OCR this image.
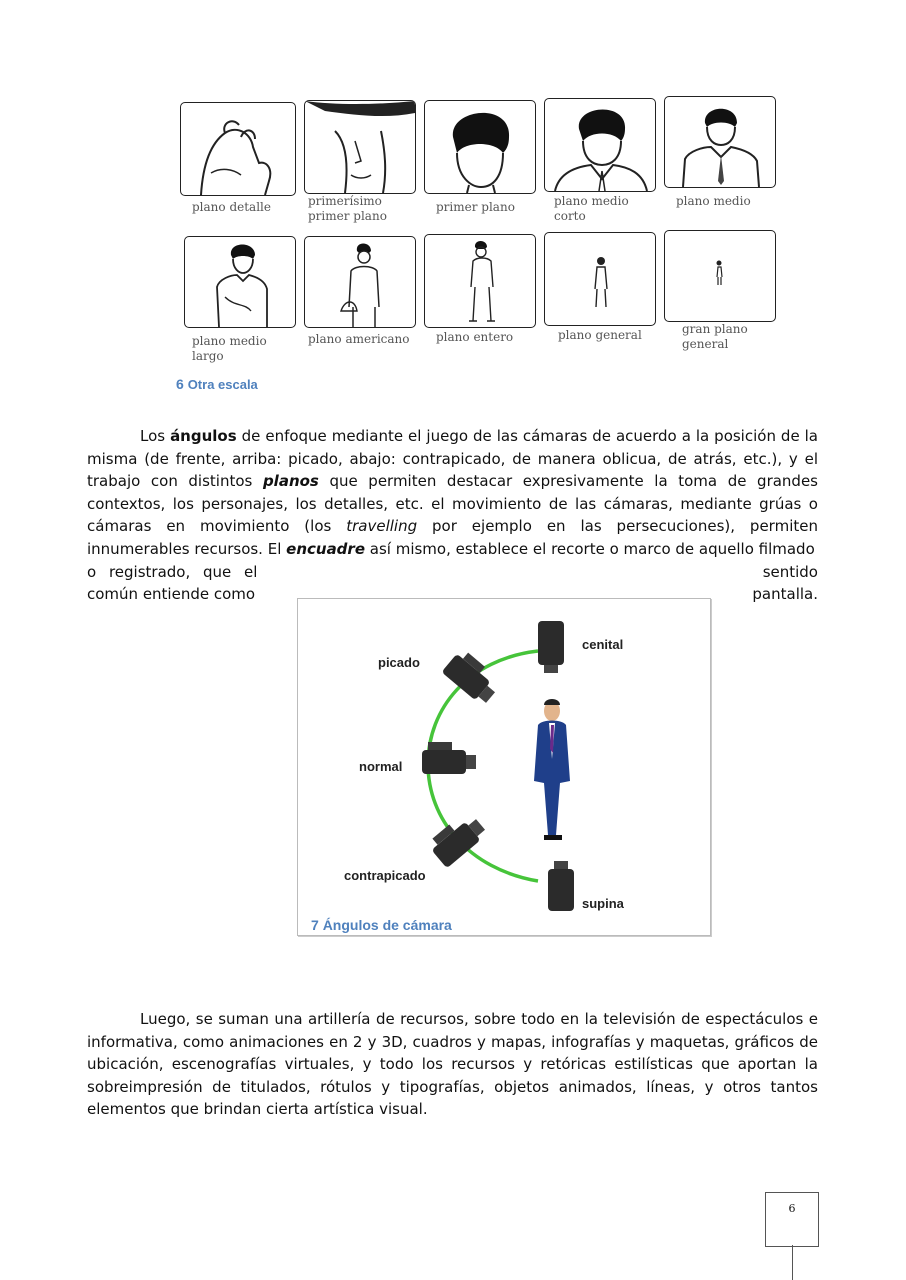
plano detalle	primerísimo
primer plano
primer plano	plano medio
corto
plano medio
plano medio
largo
plano americano plano entero	plano general	gran plano
general
6 Otra escala

Los ángulos de enfoque mediante el juego de las cámaras de acuerdo a la posición de la misma (de frente, arriba: picado, abajo: contrapicado, de manera oblicua, de atrás, etc.), y el trabajo con distintos planos que permiten destacar expresivamente la toma de grandes contextos, los personajes, los detalles, etc. el movimiento de las cámaras, mediante grúas o cámaras en movimiento (los travelling por ejemplo en las persecuciones), permiten innumerables recursos. El encuadre así mismo, establece el recorte o marco de aquello filmado

o registrado, que el	sentido
común entiende como	pantalla.
picado
cenital
normal
contrapicado
supina
7 Ángulos de cámara

Luego, se suman una artillería de recursos, sobre todo en la televisión de espectáculos e informativa, como animaciones en 2 y 3D, cuadros y mapas, infografías y maquetas, gráficos de ubicación, escenografías virtuales, y todo los recursos y retóricas estilísticas que aportan la sobreimpresión de titulados, rótulos y tipografías, objetos animados, líneas, y otros tantos elementos que brindan cierta artística visual.

6
